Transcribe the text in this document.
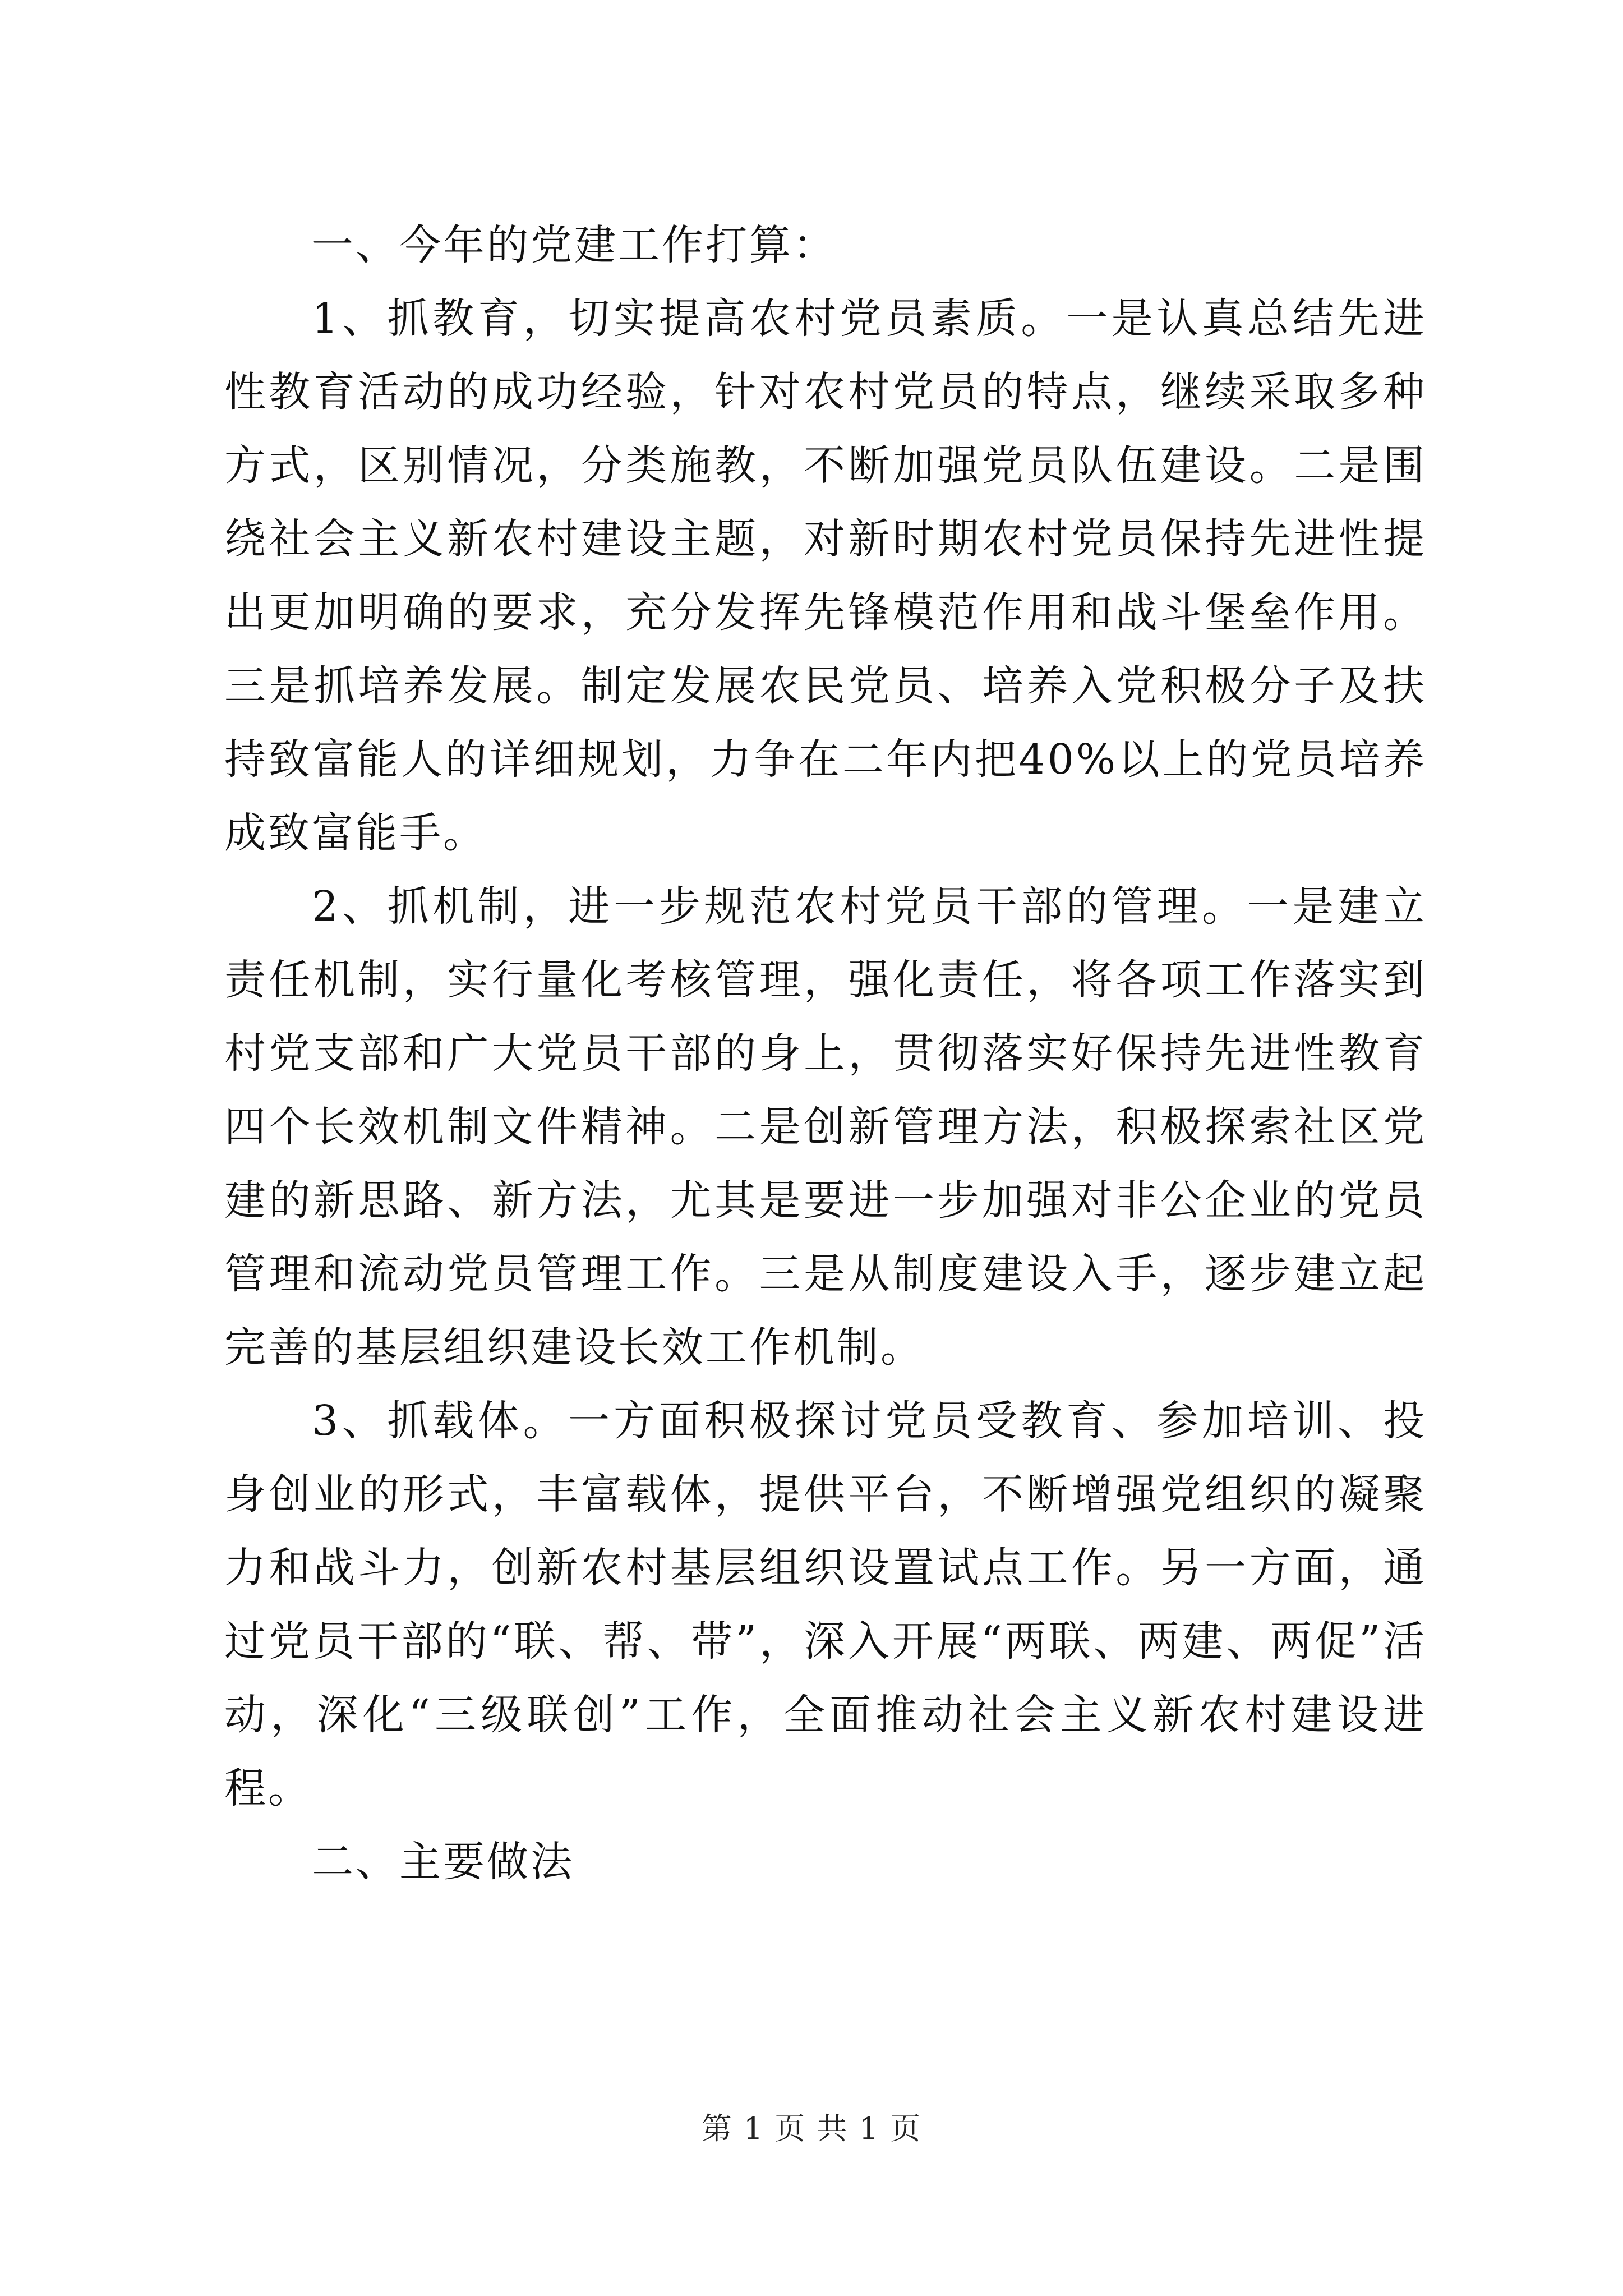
一、今年的党建工作打算：

1、抓教育，切实提高农村党员素质。一是认真总结先进性教育活动的成功经验，针对农村党员的特点，继续采取多种方式，区别情况，分类施教，不断加强党员队伍建设。二是围绕社会主义新农村建设主题，对新时期农村党员保持先进性提出更加明确的要求，充分发挥先锋模范作用和战斗堡垒作用。三是抓培养发展。制定发展农民党员、培养入党积极分子及扶持致富能人的详细规划，力争在二年内把40%以上的党员培养成致富能手。

2、抓机制，进一步规范农村党员干部的管理。一是建立责任机制，实行量化考核管理，强化责任，将各项工作落实到村党支部和广大党员干部的身上，贯彻落实好保持先进性教育四个长效机制文件精神。二是创新管理方法，积极探索社区党建的新思路、新方法，尤其是要进一步加强对非公企业的党员管理和流动党员管理工作。三是从制度建设入手，逐步建立起完善的基层组织建设长效工作机制。

3、抓载体。一方面积极探讨党员受教育、参加培训、投身创业的形式，丰富载体，提供平台，不断增强党组织的凝聚力和战斗力，创新农村基层组织设置试点工作。另一方面，通过党员干部的“联、帮、带”，深入开展“两联、两建、两促”活动，深化“三级联创”工作，全面推动社会主义新农村建设进程。

二、主要做法

第 1 页 共 1 页
